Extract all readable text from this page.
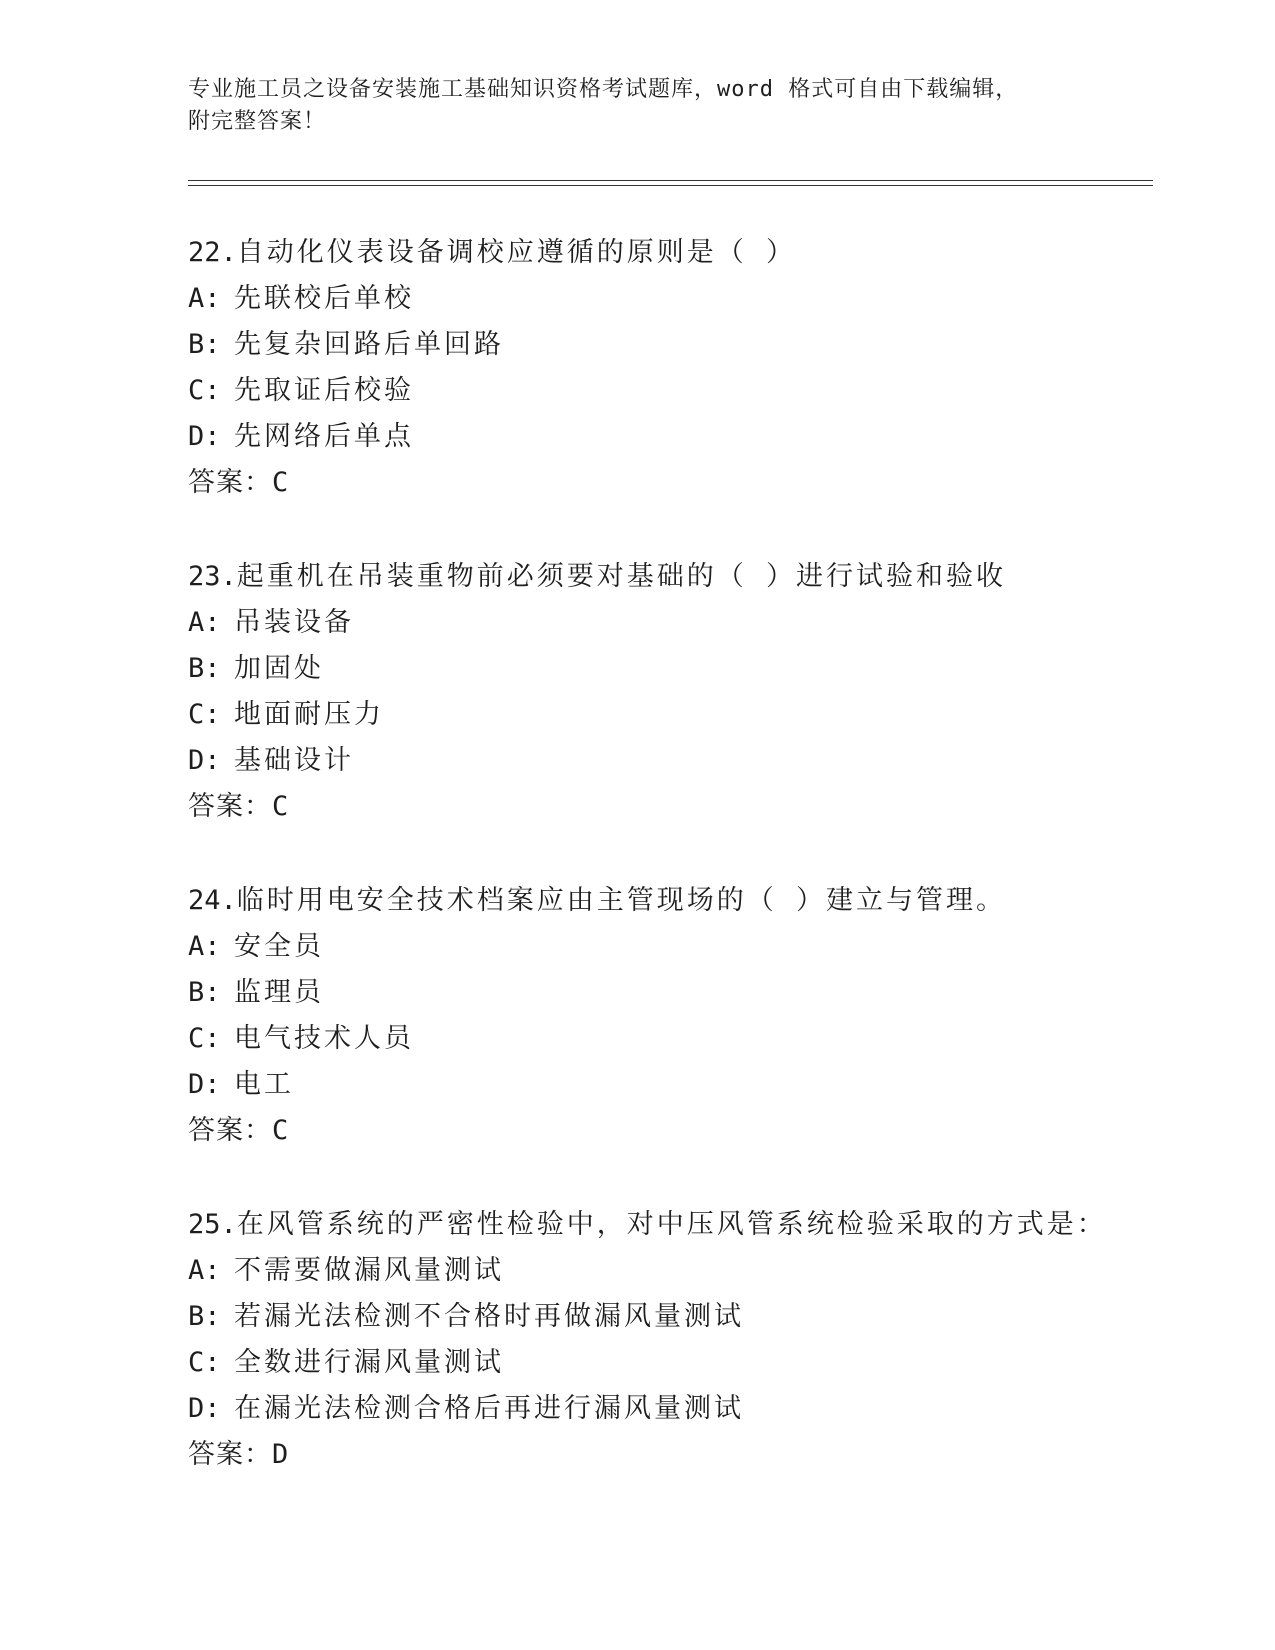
专业施工员之设备安装施工基础知识资格考试题库，word 格式可自由下载编辑，
附完整答案！
22.自动化仪表设备调校应遵循的原则是（ ）
A: 先联校后单校
B: 先复杂回路后单回路
C: 先取证后校验
D: 先网络后单点
答案：C
23.起重机在吊装重物前必须要对基础的（ ）进行试验和验收
A: 吊装设备
B: 加固处
C: 地面耐压力
D: 基础设计
答案：C
24.临时用电安全技术档案应由主管现场的（ ）建立与管理。
A: 安全员
B: 监理员
C: 电气技术人员
D: 电工
答案：C
25.在风管系统的严密性检验中，对中压风管系统检验采取的方式是：
A: 不需要做漏风量测试
B: 若漏光法检测不合格时再做漏风量测试
C: 全数进行漏风量测试
D: 在漏光法检测合格后再进行漏风量测试
答案：D
